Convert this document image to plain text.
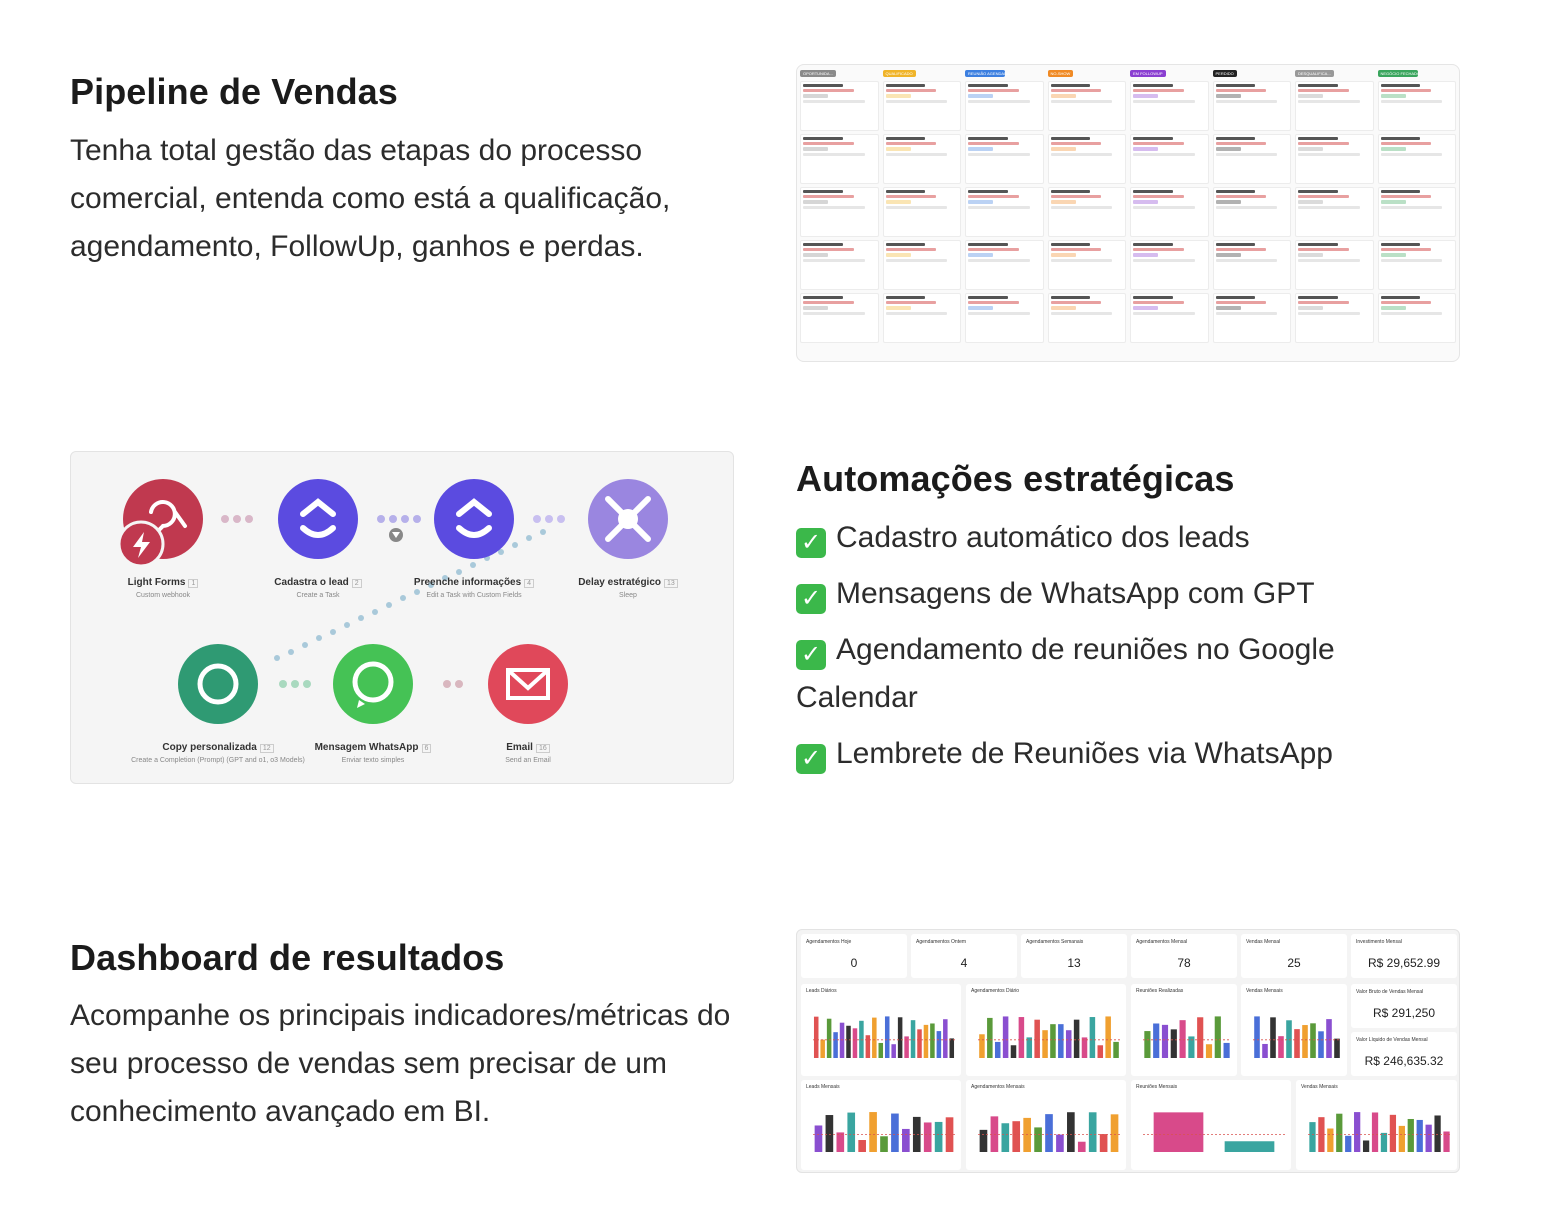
Pipeline de Vendas

Tenha total gestão das etapas do processo comercial, entenda como está a qualificação, agendamento, FollowUp, ganhos e perdas.

OPORTUNIDA...	QUALIFICADO	REUNIÃO AGENDADA	NO-SHOW	EM FOLLOWUP	PERDIDO	DESQUALIFICA...	NEGÓCIO FECHADO
Light Forms 1
Custom webhook
Cadastra o lead 2
Create a Task
Preenche informações 4
Edit a Task with Custom Fields
Delay estratégico 13
Sleep
Copy personalizada 12
Create a Completion (Prompt) (GPT and o1, o3 Models)
Mensagem WhatsApp 6
Enviar texto simples
Email 16
Send an Email
Automações estratégicas
✓ Cadastro automático dos leads
✓ Mensagens de WhatsApp com GPT
✓ Agendamento de reuniões no Google Calendar
✓ Lembrete de Reuniões via WhatsApp
Dashboard de resultados

Acompanhe os principais indicadores/métricas do seu processo de vendas sem precisar de um conhecimento avançado em BI.

Agendamentos Hoje
0
Agendamentos Ontem
4
Agendamentos Semanais
13
Agendamentos Mensal
78
Vendas Mensal
25
Investimento Mensal
R$ 29,652.99
Valor Bruto de Vendas Mensal
R$ 291,250
Valor Líquido de Vendas Mensal
R$ 246,635.32
Leads Diários	Agendamentos Diário	Reuniões Realizadas	Vendas Mensais
Leads Mensais	Agendamentos Mensais	Reuniões Mensais	Vendas Mensais
